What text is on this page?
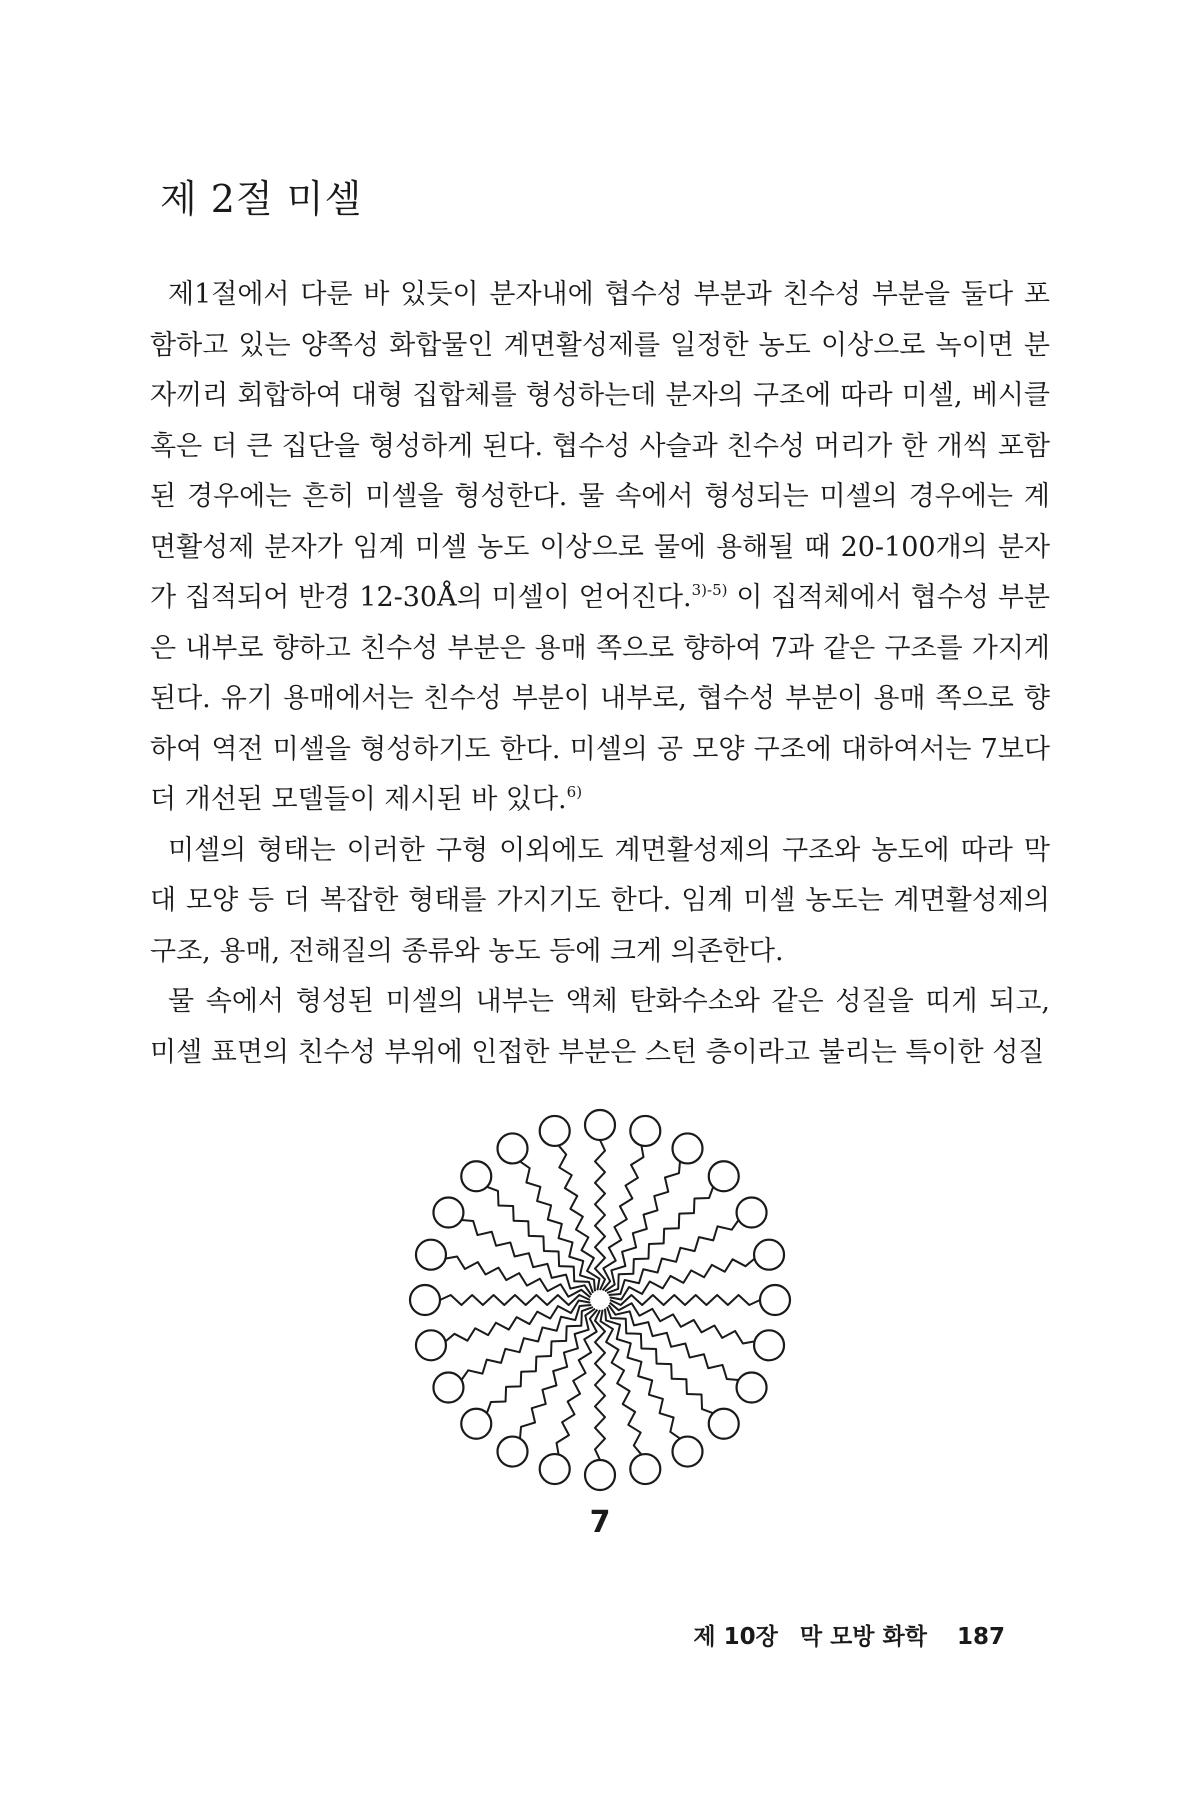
제 2절 미셀

제1절에서 다룬 바 있듯이 분자내에 협수성 부분과 친수성 부분을 둘다 포함하고 있는 양쪽성 화합물인 계면활성제를 일정한 농도 이상으로 녹이면 분자끼리 회합하여 대형 집합체를 형성하는데 분자의 구조에 따라 미셀, 베시클 혹은 더 큰 집단을 형성하게 된다. 협수성 사슬과 친수성 머리가 한 개씩 포함된 경우에는 흔히 미셀을 형성한다. 물 속에서 형성되는 미셀의 경우에는 계면활성제 분자가 임계 미셀 농도 이상으로 물에 용해될 때 20-100개의 분자가 집적되어 반경 12-30Å의 미셀이 얻어진다.$^{3)-5)}$ 이 집적체에서 협수성 부분은 내부로 향하고 친수성 부분은 용매 쪽으로 향하여 7과 같은 구조를 가지게 된다. 유기 용매에서는 친수성 부분이 내부로, 협수성 부분이 용매 쪽으로 향하여 역전 미셀을 형성하기도 한다. 미셀의 공 모양 구조에 대하여서는 7보다 더 개선된 모델들이 제시된 바 있다.$^{6)}$

미셀의 형태는 이러한 구형 이외에도 계면활성제의 구조와 농도에 따라 막대 모양 등 더 복잡한 형태를 가지기도 한다. 임계 미셀 농도는 계면활성제의 구조, 용매, 전해질의 종류와 농도 등에 크게 의존한다.

물 속에서 형성된 미셀의 내부는 액체 탄화수소와 같은 성질을 띠게 되고, 미셀 표면의 친수성 부위에 인접한 부분은 스턴 층이라고 불리는 특이한 성질

7
제 10장 막 모방 화학 187
